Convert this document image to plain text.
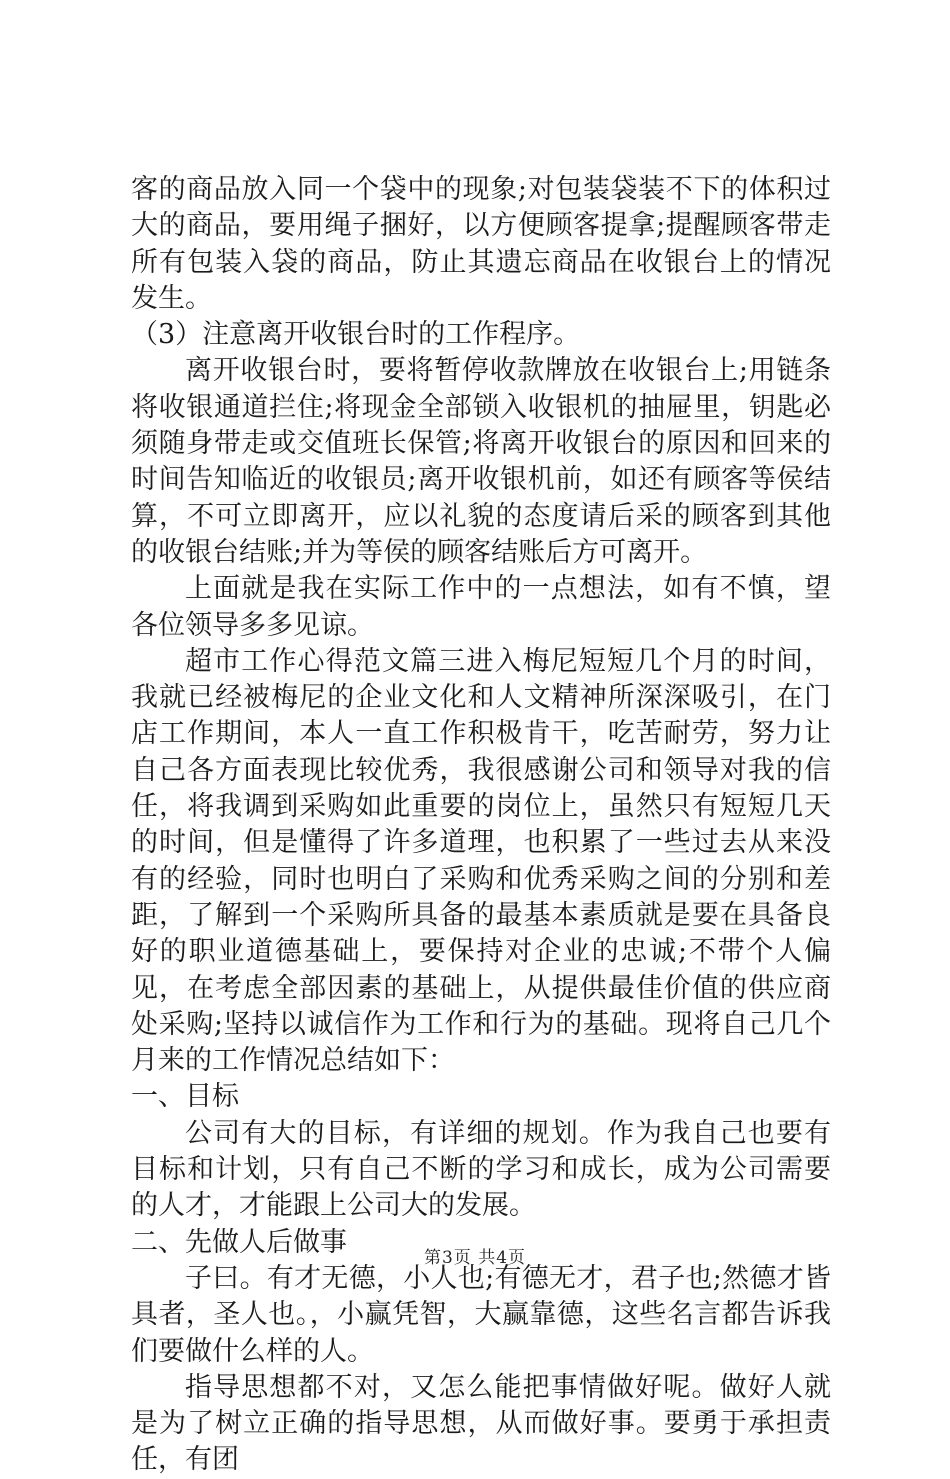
客的商品放入同一个袋中的现象;对包装袋装不下的体积过大的商品，要用绳子捆好，以方便顾客提拿;提醒顾客带走所有包装入袋的商品，防止其遗忘商品在收银台上的情况发生。

（3）注意离开收银台时的工作程序。

离开收银台时，要将暂停收款牌放在收银台上;用链条将收银通道拦住;将现金全部锁入收银机的抽屉里，钥匙必须随身带走或交值班长保管;将离开收银台的原因和回来的时间告知临近的收银员;离开收银机前，如还有顾客等侯结算，不可立即离开，应以礼貌的态度请后采的顾客到其他的收银台结账;并为等侯的顾客结账后方可离开。

上面就是我在实际工作中的一点想法，如有不慎，望各位领导多多见谅。

超市工作心得范文篇三进入梅尼短短几个月的时间，我就已经被梅尼的企业文化和人文精神所深深吸引，在门店工作期间，本人一直工作积极肯干，吃苦耐劳，努力让自己各方面表现比较优秀，我很感谢公司和领导对我的信任，将我调到采购如此重要的岗位上，虽然只有短短几天的时间，但是懂得了许多道理，也积累了一些过去从来没有的经验，同时也明白了采购和优秀采购之间的分别和差距，了解到一个采购所具备的最基本素质就是要在具备良好的职业道德基础上，要保持对企业的忠诚;不带个人偏见，在考虑全部因素的基础上，从提供最佳价值的供应商处采购;坚持以诚信作为工作和行为的基础。现将自己几个月来的工作情况总结如下：

一、目标

公司有大的目标，有详细的规划。作为我自己也要有目标和计划，只有自己不断的学习和成长，成为公司需要的人才，才能跟上公司大的发展。

二、先做人后做事

子曰。有才无德，小人也;有德无才，君子也;然德才皆具者，圣人也。，小赢凭智，大赢靠德，这些名言都告诉我们要做什么样的人。

指导思想都不对，又怎么能把事情做好呢。做好人就是为了树立正确的指导思想，从而做好事。要勇于承担责任，有团

第3页 共4页
